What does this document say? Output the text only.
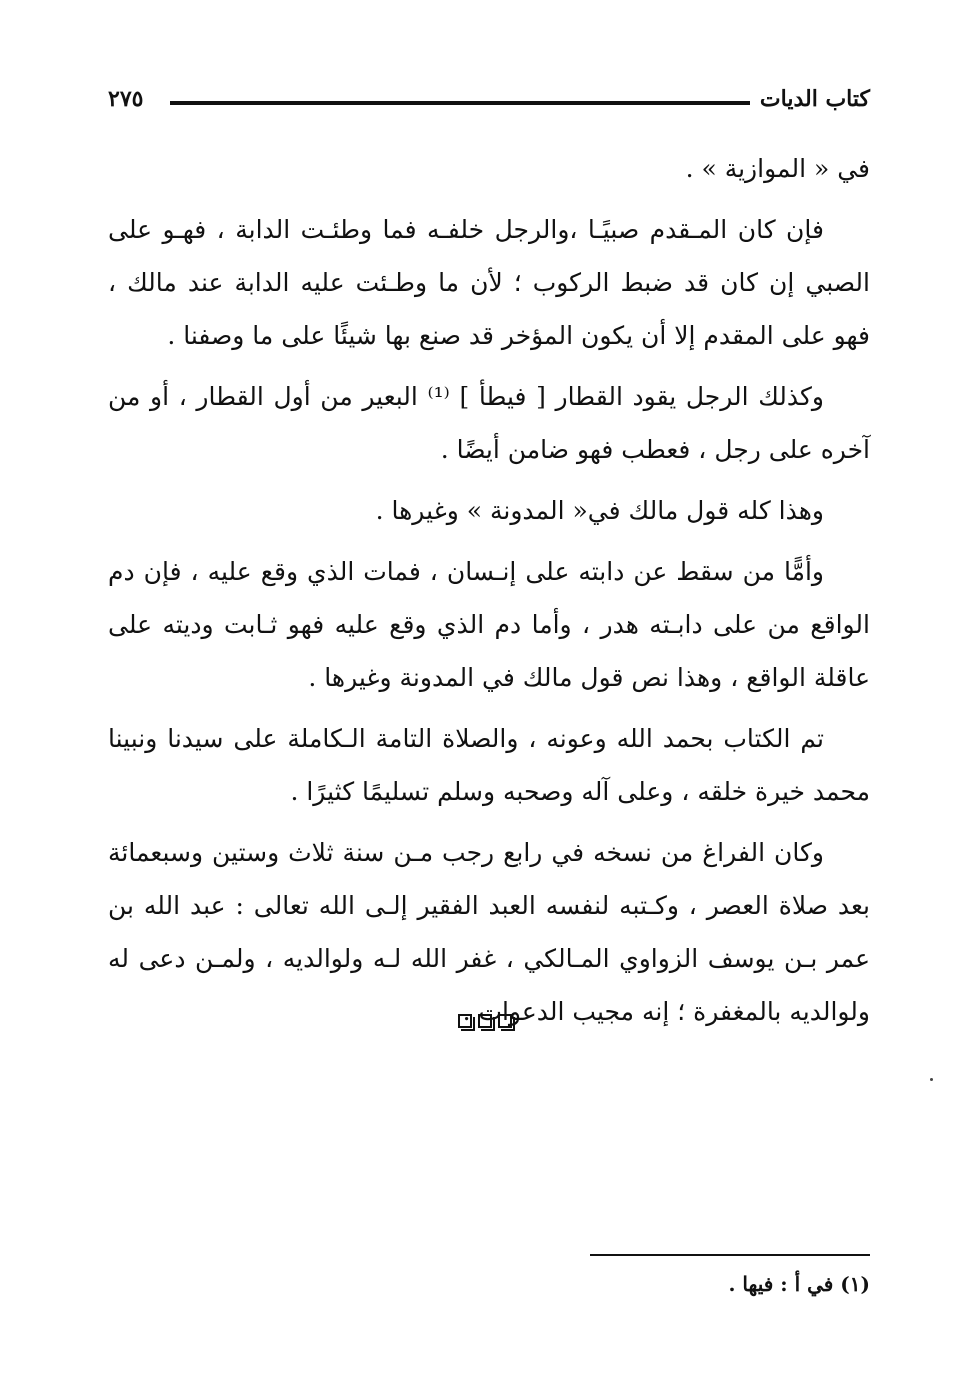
كتاب الديات
٢٧٥

في « الموازية » .

فإن كان المـقدم صبيًـا ،والرجل خلفـه فما وطئـت الدابة ، فهـو على الصبي إن كان قد ضبط الركوب ؛ لأن ما وطـئت عليه الدابة عند مالك ، فهو على المقدم إلا أن يكون المؤخر قد صنع بها شيئًا على ما وصفنا .

وكذلك الرجل يقود القطار [ فيطأ ] ⁽¹⁾ البعير من أول القطار ، أو من آخره على رجل ، فعطب فهو ضامن أيضًا .

وهذا كله قول مالك في« المدونة » وغيرها .

وأمًّا من سقط عن دابته على إنـسان ، فمات الذي وقع عليه ، فإن دم الواقع من على دابـته هدر ، وأما دم الذي وقع عليه فهو ثـابت وديته على عاقلة الواقع ، وهذا نص قول مالك في المدونة وغيرها .

تم الكتاب بحمد الله وعونه ، والصلاة التامة الـكاملة على سيدنا ونبينا محمد خيرة خلقه ، وعلى آله وصحبه وسلم تسليمًا كثيرًا .

وكان الفراغ من نسخه في رابع رجب مـن سنة ثلاث وستين وسبعمائة بعد صلاة العصر ، وكـتبه لنفسه العبد الفقير إلـى الله تعالى : عبد الله بن عمر بـن يوسف الزواوي المـالكي ، غفر الله لـه ولوالديه ، ولمـن دعى له ولوالديه بالمغفرة ؛ إنه مجيب الدعوات .

(١) في أ : فيها .
